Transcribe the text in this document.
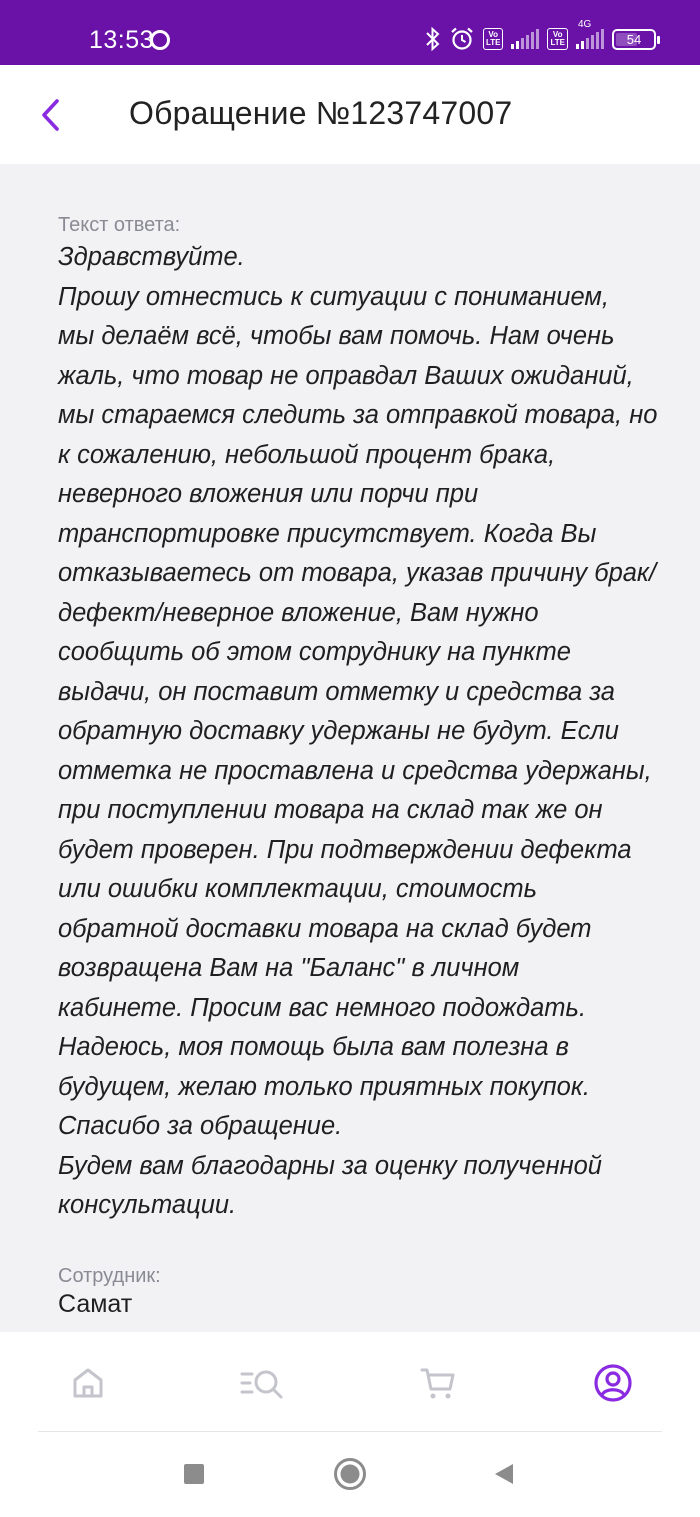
13:53	Vo
LTE
Vo
LTE
4G
54
Обращение №123747007
Текст ответа:

Здравствуйте.

Прошу отнестись к ситуации с пониманием,

мы делаём всё, чтобы вам помочь. Нам очень

жаль, что товар не оправдал Ваших ожиданий,

мы стараемся следить за отправкой товара, но

к сожалению, небольшой процент брака,

неверного вложения или порчи при

транспортировке присутствует. Когда Вы

отказываетесь от товара, указав причину брак/

дефект/неверное вложение, Вам нужно

сообщить об этом сотруднику на пункте

выдачи, он поставит отметку и средства за

обратную доставку удержаны не будут. Если

отметка не проставлена и средства удержаны,

при поступлении товара на склад так же он

будет проверен. При подтверждении дефекта

или ошибки комплектации, стоимость

обратной доставки товара на склад будет

возвращена Вам на "Баланс" в личном

кабинете. Просим вас немного подождать.

Надеюсь, моя помощь была вам полезна в

будущем, желаю только приятных покупок.

Спасибо за обращение.

Будем вам благодарны за оценку полученной

консультации.

Сотрудник:
Самат
